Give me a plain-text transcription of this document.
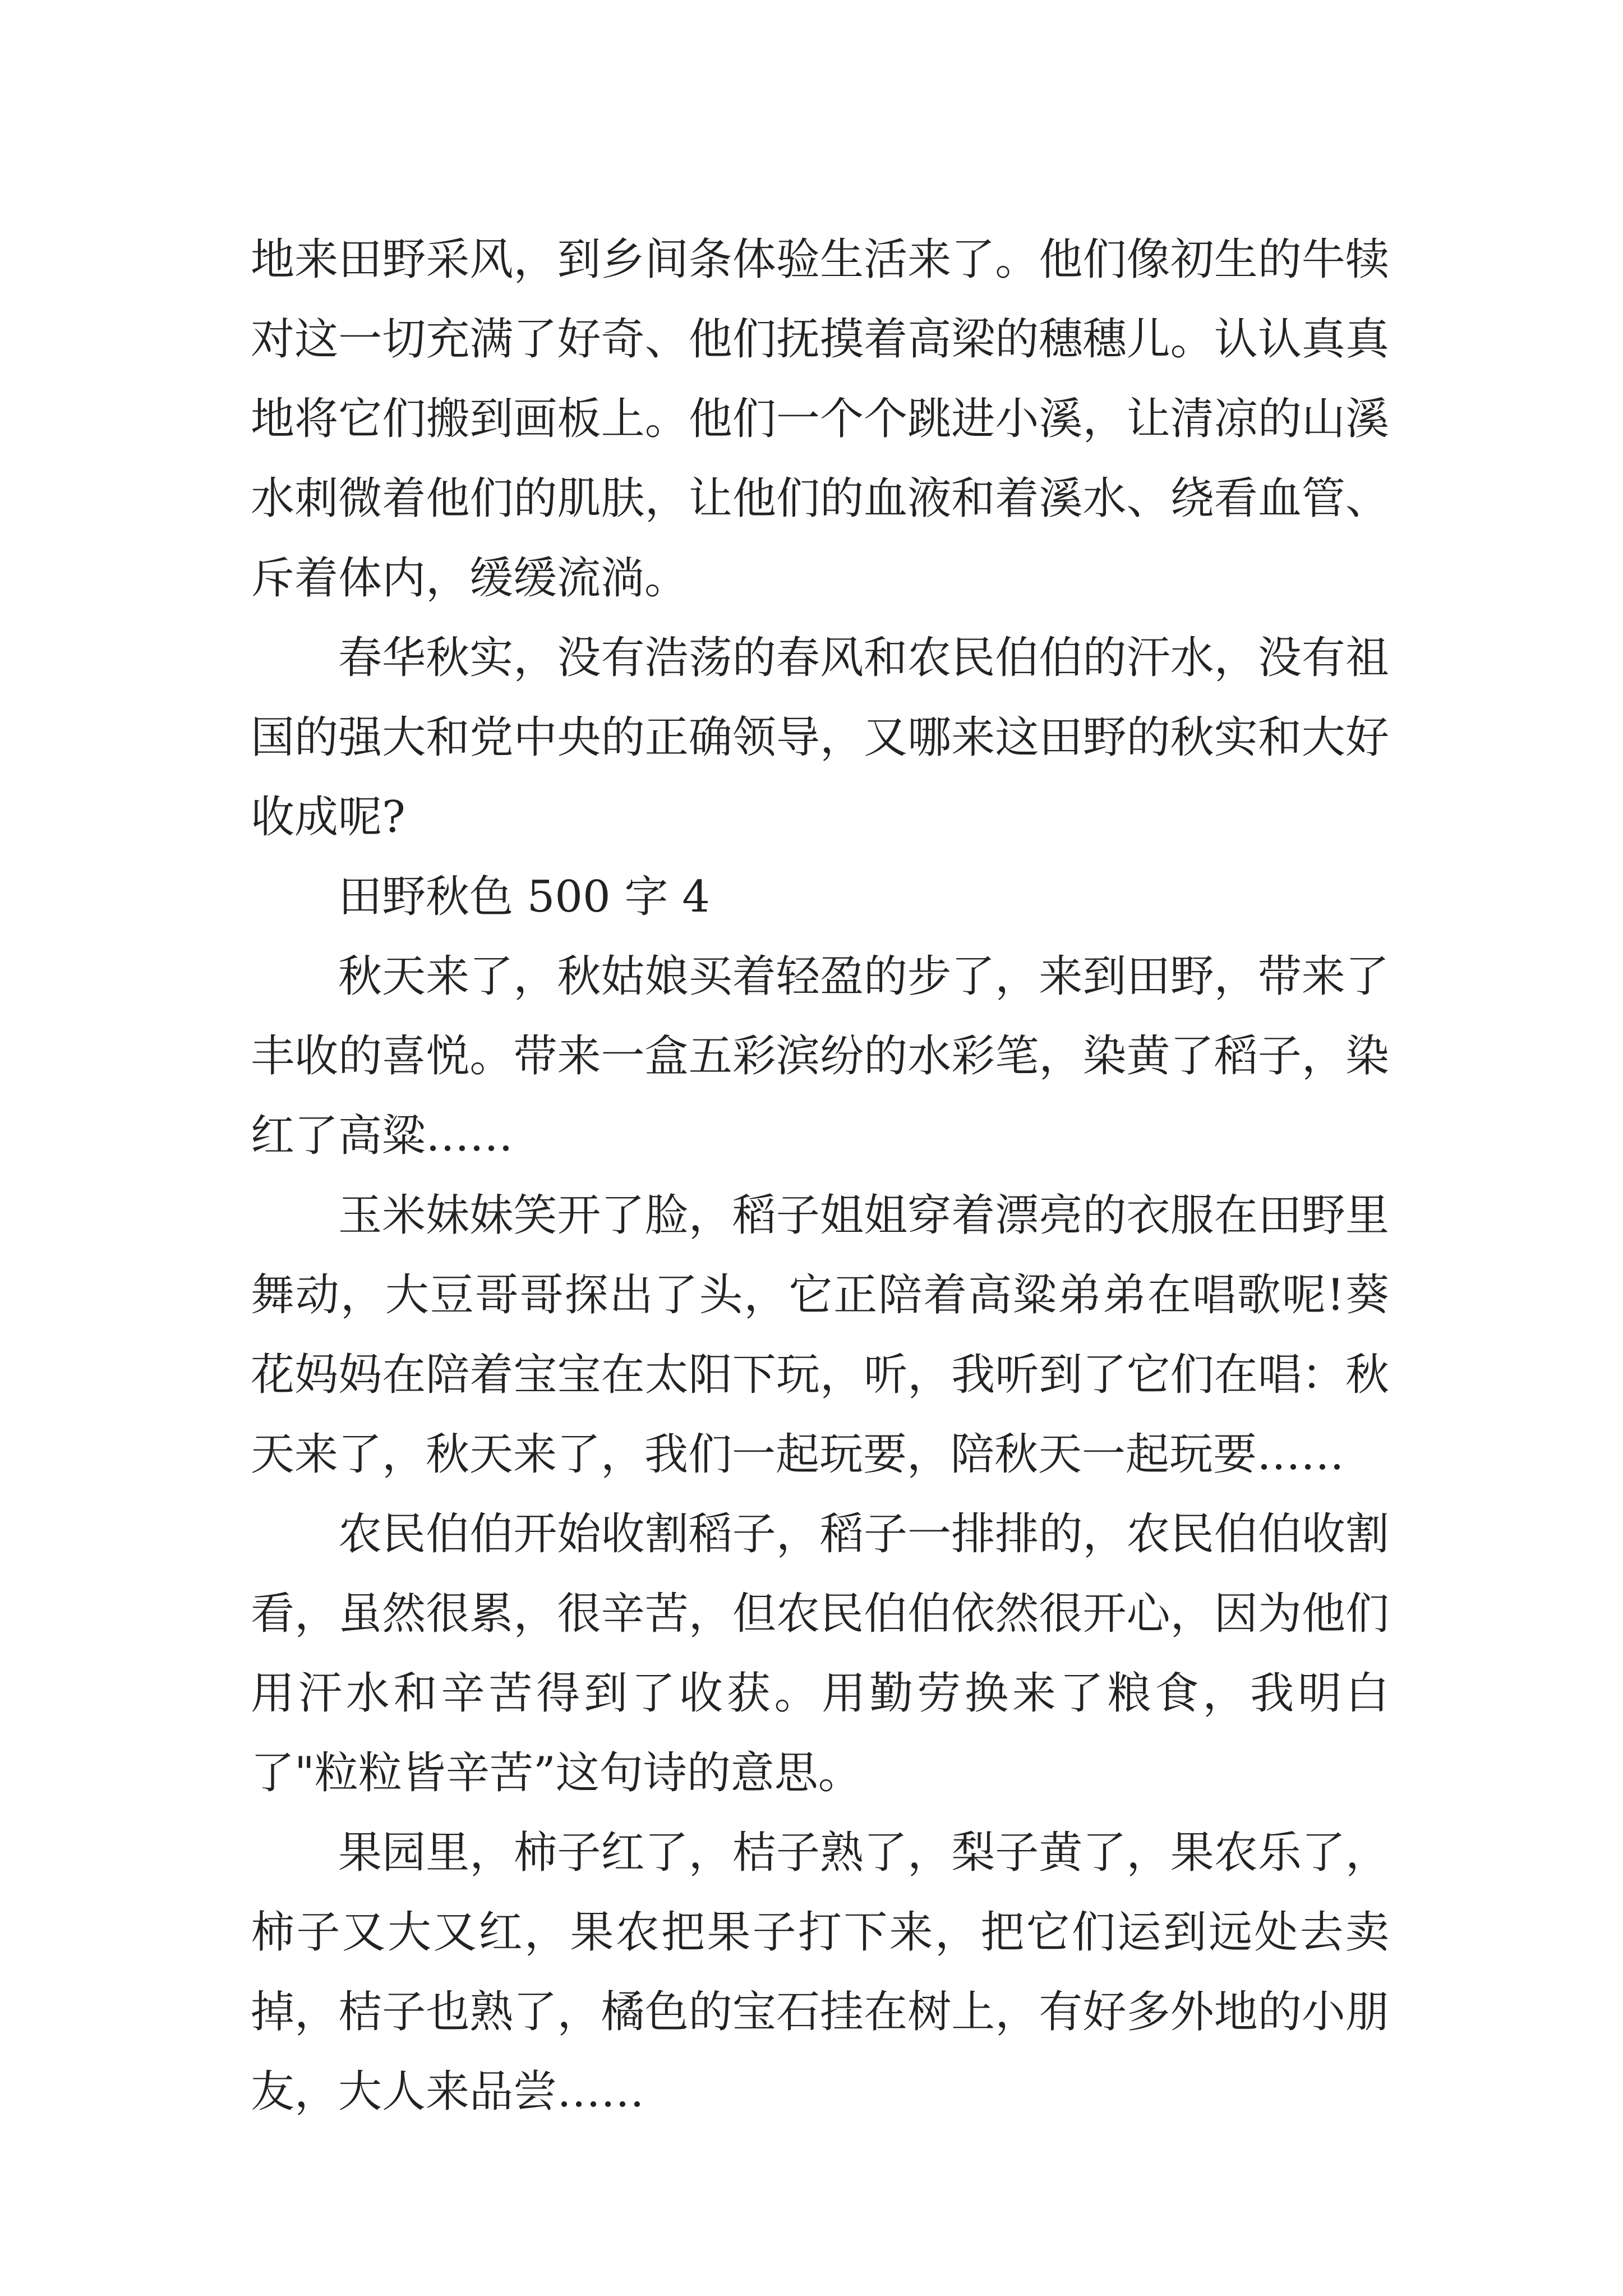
地来田野采风，到乡间条体验生活来了。他们像初生的牛犊对这一切充满了好奇、他们抚摸着高梁的穗穗儿。认认真真地将它们搬到画板上。他们一个个跳进小溪，让清凉的山溪水刺微着他们的肌肤，让他们的血液和着溪水、绕看血管、斥着体内，缓缓流淌。

春华秋实，没有浩荡的春风和农民伯伯的汗水，没有祖国的强大和党中央的正确领导，又哪来这田野的秋实和大好收成呢?

田野秋色 500 字 4

秋天来了，秋姑娘买着轻盈的步了，来到田野，带来了丰收的喜悦。带来一盒五彩滨纷的水彩笔，染黄了稻子，染红了高粱……

玉米妹妹笑开了脸，稻子姐姐穿着漂亮的衣服在田野里舞动，大豆哥哥探出了头，它正陪着高粱弟弟在唱歌呢!葵花妈妈在陪着宝宝在太阳下玩，听，我听到了它们在唱：秋天来了，秋天来了，我们一起玩要，陪秋天一起玩要……

农民伯伯开始收割稻子，稻子一排排的，农民伯伯收割看，虽然很累，很辛苦，但农民伯伯依然很开心，因为他们用汗水和辛苦得到了收获。用勤劳换来了粮食，我明白了"粒粒皆辛苦”这句诗的意思。

果园里，柿子红了，桔子熟了，梨子黄了，果农乐了，柿子又大又红，果农把果子打下来，把它们运到远处去卖掉，桔子也熟了，橘色的宝石挂在树上，有好多外地的小朋友，大人来品尝……
